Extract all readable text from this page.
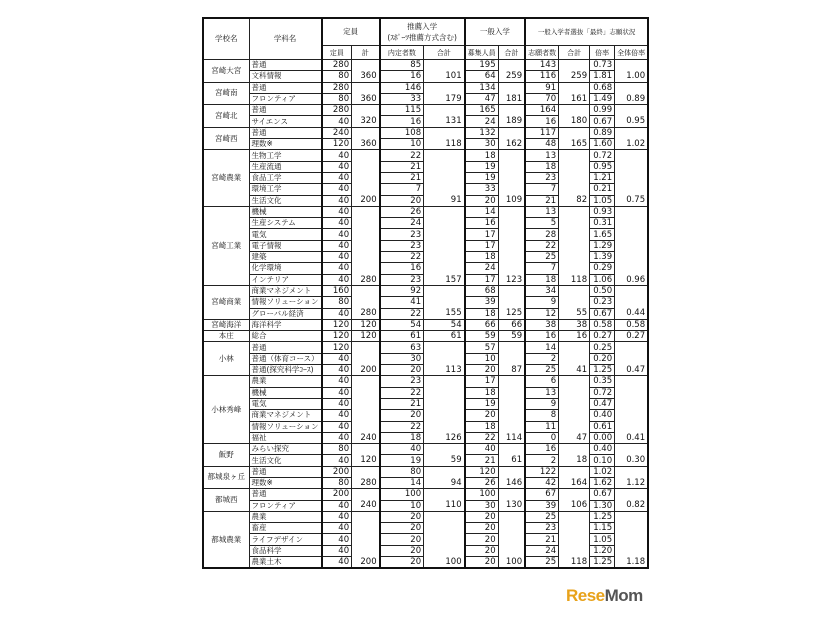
学校名	学科名	定員		推薦入学
(ｽﾎﾟｰﾂ推薦方式含む)		一般入学		一般入学者選抜「最終」志願状況			
		定員	計	内定者数	合計	募集人員	合計	志願者数	合計	倍率	全体倍率
宮崎大宮	普通	280		85		195		143		0.73	
	文科情報	80	360	16	101	64	259	116	259	1.81	1.00
宮崎南	普通	280		146		134		91		0.68	
	フロンティア	80	360	33	179	47	181	70	161	1.49	0.89
宮崎北	普通	280		115		165		164		0.99	
	サイエンス	40	320	16	131	24	189	16	180	0.67	0.95
宮崎西	普通	240		108		132		117		0.89	
	理数※	120	360	10	118	30	162	48	165	1.60	1.02
宮崎農業	生物工学	40		22		18		13		0.72	
	生産流通	40		21		19		18		0.95	
	食品工学	40		21		19		23		1.21	
	環境工学	40		7		33		7		0.21	
	生活文化	40	200	20	91	20	109	21	82	1.05	0.75
宮崎工業	機械	40		26		14		13		0.93	
	生産システム	40		24		16		5		0.31	
	電気	40		23		17		28		1.65	
	電子情報	40		23		17		22		1.29	
	建築	40		22		18		25		1.39	
	化学環境	40		16		24		7		0.29	
	インテリア	40	280	23	157	17	123	18	118	1.06	0.96
宮崎商業	商業マネジメント	160		92		68		34		0.50	
	情報ソリューション	80		41		39		9		0.23	
	グローバル経済	40	280	22	155	18	125	12	55	0.67	0.44
宮崎海洋	海洋科学	120	120	54	54	66	66	38	38	0.58	0.58
本庄	総合	120	120	61	61	59	59	16	16	0.27	0.27
小林	普通	120		63		57		14		0.25	
	普通（体育コース）	40		30		10		2		0.20	
	普通(探究科学ｺｰｽ)	40	200	20	113	20	87	25	41	1.25	0.47
小林秀峰	農業	40		23		17		6		0.35	
	機械	40		22		18		13		0.72	
	電気	40		21		19		9		0.47	
	商業マネジメント	40		20		20		8		0.40	
	情報ソリューション	40		22		18		11		0.61	
	福祉	40	240	18	126	22	114	0	47	0.00	0.41
飯野	みらい探究	80		40		40		16		0.40	
	生活文化	40	120	19	59	21	61	2	18	0.10	0.30
都城泉ヶ丘	普通	200		80		120		122		1.02	
	理数※	80	280	14	94	26	146	42	164	1.62	1.12
都城西	普通	200		100		100		67		0.67	
	フロンティア	40	240	10	110	30	130	39	106	1.30	0.82
都城農業	農業	40		20		20		25		1.25	
	畜産	40		20		20		23		1.15	
	ライフデザイン	40		20		20		21		1.05	
	食品科学	40		20		20		24		1.20	
	農業土木	40	200	20	100	20	100	25	118	1.25	1.18
ReseMom
